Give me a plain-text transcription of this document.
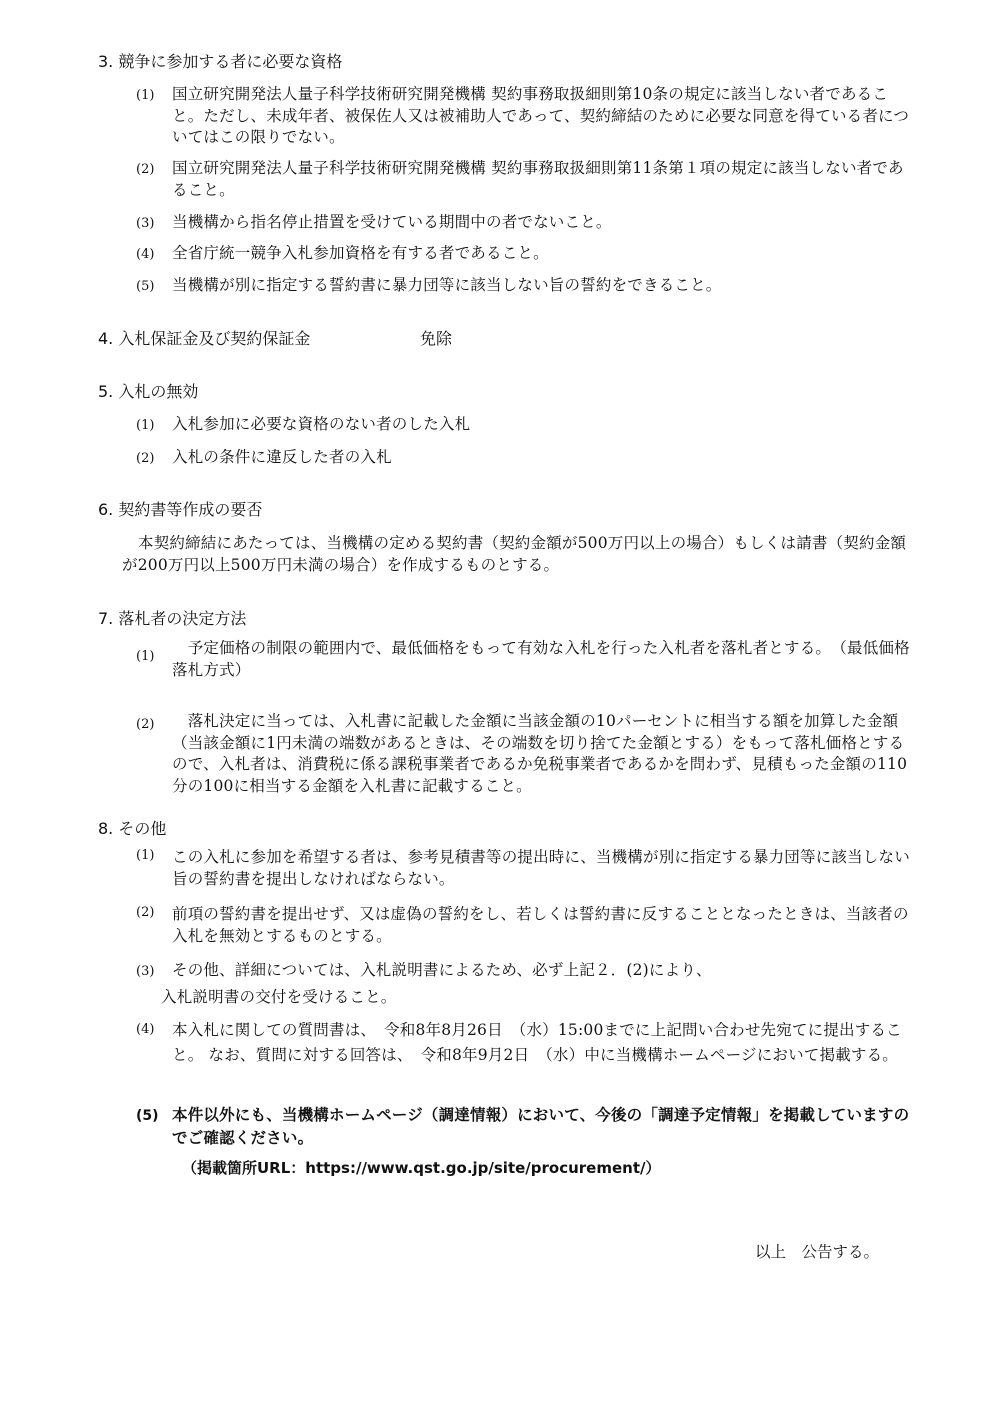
3. 競争に参加する者に必要な資格
(1) 国立研究開発法人量子科学技術研究開発機構 契約事務取扱細則第10条の規定に該当しない者であること。ただし、未成年者、被保佐人又は被補助人であって、契約締結のために必要な同意を得ている者についてはこの限りでない。
(2) 国立研究開発法人量子科学技術研究開発機構 契約事務取扱細則第11条第１項の規定に該当しない者であること。
(3) 当機構から指名停止措置を受けている期間中の者でないこと。
(4) 全省庁統一競争入札参加資格を有する者であること。
(5) 当機構が別に指定する誓約書に暴力団等に該当しない旨の誓約をできること。
4. 入札保証金及び契約保証金	免除
5. 入札の無効
(1) 入札参加に必要な資格のない者のした入札
(2) 入札の条件に違反した者の入札
6. 契約書等作成の要否
本契約締結にあたっては、当機構の定める契約書（契約金額が500万円以上の場合）もしくは請書（契約金額が200万円以上500万円未満の場合）を作成するものとする。
7. 落札者の決定方法
(1) 　予定価格の制限の範囲内で、最低価格をもって有効な入札を行った入札者を落札者とする。　（最低価格落札方式）
(2) 　落札決定に当っては、入札書に記載した金額に当該金額の10パーセントに相当する額を加算した金額（当該金額に1円未満の端数があるときは、その端数を切り捨てた金額とする）をもって落札価格とするので、入札者は、消費税に係る課税事業者であるか免税事業者であるかを問わず、見積もった金額の110分の100に相当する金額を入札書に記載すること。
8. その他
(1) この入札に参加を希望する者は、参考見積書等の提出時に、当機構が別に指定する暴力団等に該当しない旨の誓約書を提出しなければならない。
(2) 前項の誓約書を提出せず、又は虚偽の誓約をし、若しくは誓約書に反することとなったときは、当該者の入札を無効とするものとする。
(3) その他、詳細については、入札説明書によるため、必ず上記２．(2)により、
入札説明書の交付を受けること。
(4) 本入札に関しての質問書は、　令和8年8月26日　（水）15:00までに上記問い合わせ先宛てに提出すること。 なお、質問に対する回答は、　令和8年9月2日　（水）中に当機構ホームページにおいて掲載する。
(5) 本件以外にも、当機構ホームページ（調達情報）において、今後の「調達予定情報」を掲載していますのでご確認ください。
（掲載箇所URL：https://www.qst.go.jp/site/procurement/）
以上　公告する。
